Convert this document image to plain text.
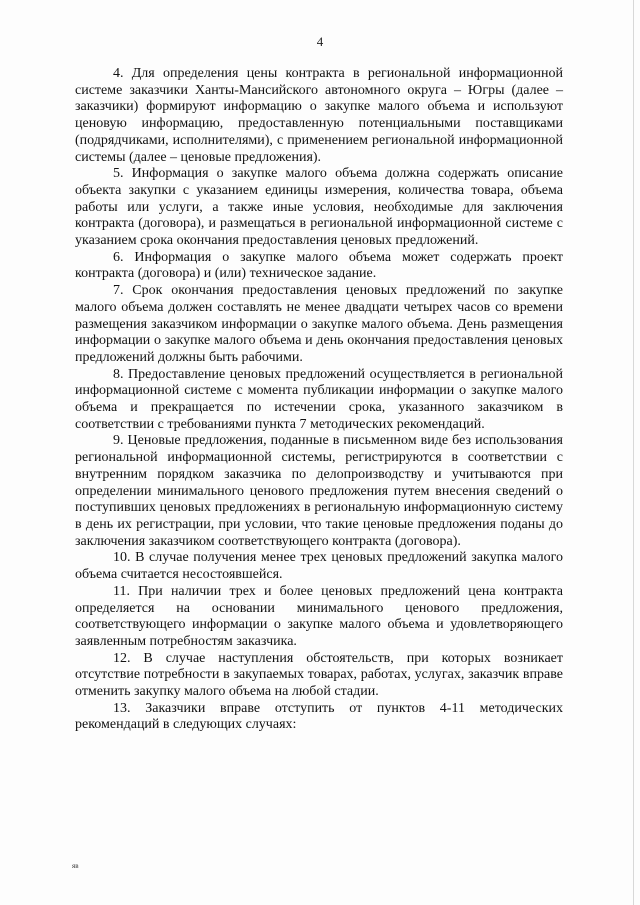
4

4. Для определения цены контракта в региональной информационной системе заказчики Ханты-Мансийского автономного округа – Югры (далее – заказчики) формируют информацию о закупке малого объема и используют ценовую информацию, предоставленную потенциальными поставщиками (подрядчиками, исполнителями), с применением региональной информационной системы (далее – ценовые предложения).

5. Информация о закупке малого объема должна содержать описание объекта закупки с указанием единицы измерения, количества товара, объема работы или услуги, а также иные условия, необходимые для заключения контракта (договора), и размещаться в региональной информационной системе с указанием срока окончания предоставления ценовых предложений.

6. Информация о закупке малого объема может содержать проект контракта (договора) и (или) техническое задание.

7. Срок окончания предоставления ценовых предложений по закупке малого объема должен составлять не менее двадцати четырех часов со времени размещения заказчиком информации о закупке малого объема. День размещения информации о закупке малого объема и день окончания предоставления ценовых предложений должны быть рабочими.

8. Предоставление ценовых предложений осуществляется в региональной информационной системе с момента публикации информации о закупке малого объема и прекращается по истечении срока, указанного заказчиком в соответствии с требованиями пункта 7 методических рекомендаций.

9. Ценовые предложения, поданные в письменном виде без использования региональной информационной системы, регистрируются в соответствии с внутренним порядком заказчика по делопроизводству и учитываются при определении минимального ценового предложения путем внесения сведений о поступивших ценовых предложениях в региональную информационную систему в день их регистрации, при условии, что такие ценовые предложения поданы до заключения заказчиком соответствующего контракта (договора).

10. В случае получения менее трех ценовых предложений закупка малого объема считается несостоявшейся.

11. При наличии трех и более ценовых предложений цена контракта определяется на основании минимального ценового предложения, соответствующего информации о закупке малого объема и удовлетворяющего заявленным потребностям заказчика.

12. В случае наступления обстоятельств, при которых возникает отсутствие потребности в закупаемых товарах, работах, услугах, заказчик вправе отменить закупку малого объема на любой стадии.

13. Заказчики вправе отступить от пунктов 4-11 методических рекомендаций в следующих случаях:

яв
